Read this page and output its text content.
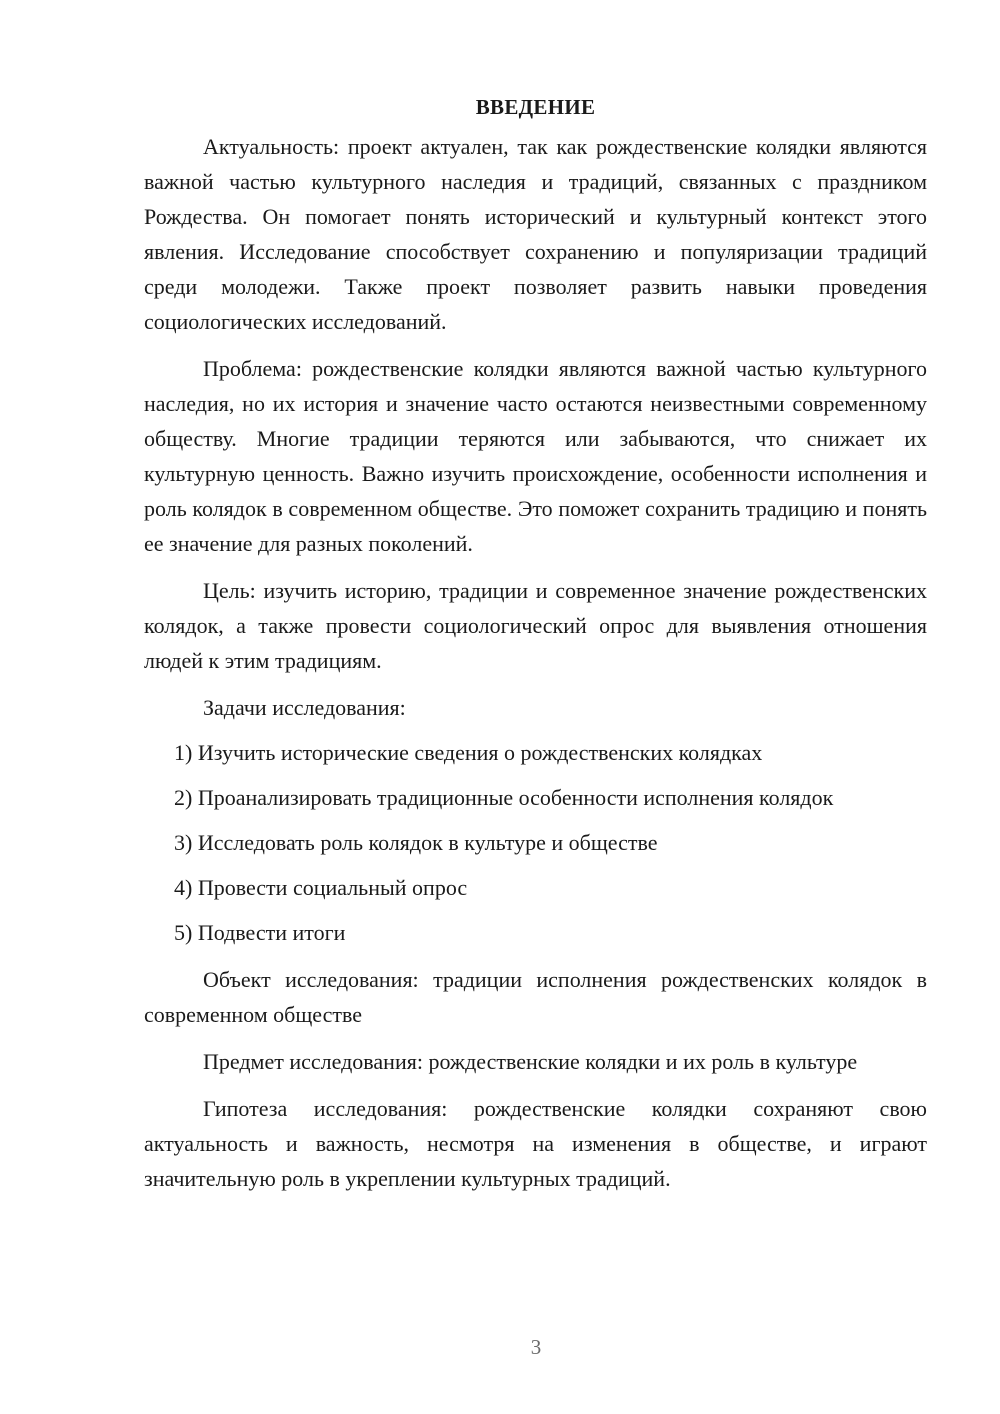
ВВЕДЕНИЕ

Актуальность: проект актуален, так как рождественские колядки являются важной частью культурного наследия и традиций, связанных с праздником Рождества. Он помогает понять исторический и культурный контекст этого явления. Исследование способствует сохранению и популяризации традиций среди молодежи. Также проект позволяет развить навыки проведения социологических исследований.

Проблема: рождественские колядки являются важной частью культурного наследия, но их история и значение часто остаются неизвестными современному обществу. Многие традиции теряются или забываются, что снижает их культурную ценность. Важно изучить происхождение, особенности исполнения и роль колядок в современном обществе. Это поможет сохранить традицию и понять ее значение для разных поколений.

Цель: изучить историю, традиции и современное значение рождественских колядок, а также провести социологический опрос для выявления отношения людей к этим традициям.

Задачи исследования:

1) Изучить исторические сведения о рождественских колядках
2) Проанализировать традиционные особенности исполнения колядок
3) Исследовать роль колядок в культуре и обществе
4) Провести социальный опрос
5) Подвести итоги

Объект исследования: традиции исполнения рождественских колядок в современном обществе

Предмет исследования: рождественские колядки и их роль в культуре

Гипотеза исследования: рождественские колядки сохраняют свою актуальность и важность, несмотря на изменения в обществе, и играют значительную роль в укреплении культурных традиций.

3
